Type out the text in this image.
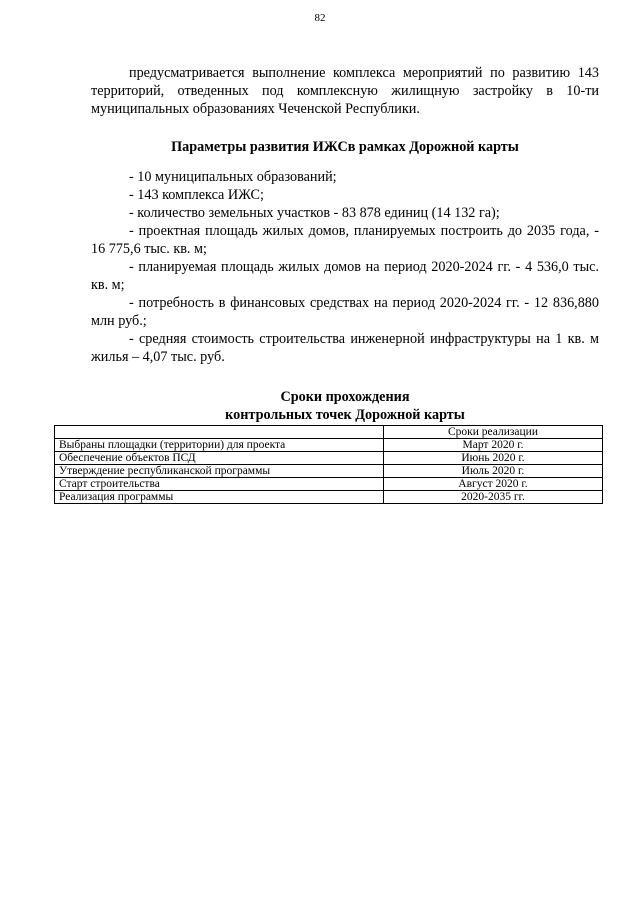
82

предусматривается выполнение комплекса мероприятий по развитию 143 территорий, отведенных под комплексную жилищную застройку в 10-ти муниципальных образованиях Чеченской Республики.

Параметры развития ИЖСв рамках Дорожной карты

- 10 муниципальных образований;

- 143 комплекса ИЖС;

- количество земельных участков - 83 878 единиц (14 132 га);

- проектная площадь жилых домов, планируемых построить до 2035 года, - 16 775,6 тыс. кв. м;

- планируемая площадь жилых домов на период 2020-2024 гг. - 4 536,0 тыс. кв. м;

- потребность в финансовых средствах на период 2020-2024 гг. - 12 836,880 млн руб.;

- средняя стоимость строительства инженерной инфраструктуры на 1 кв. м жилья – 4,07 тыс. руб.

Сроки прохождения
контрольных точек Дорожной карты
	Сроки реализации
Выбраны площадки (территории) для проекта	Март 2020 г.
Обеспечение объектов ПСД	Июнь 2020 г.
Утверждение республиканской программы	Июль 2020 г.
Старт строительства	Август 2020 г.
Реализация программы	2020-2035 гг.
